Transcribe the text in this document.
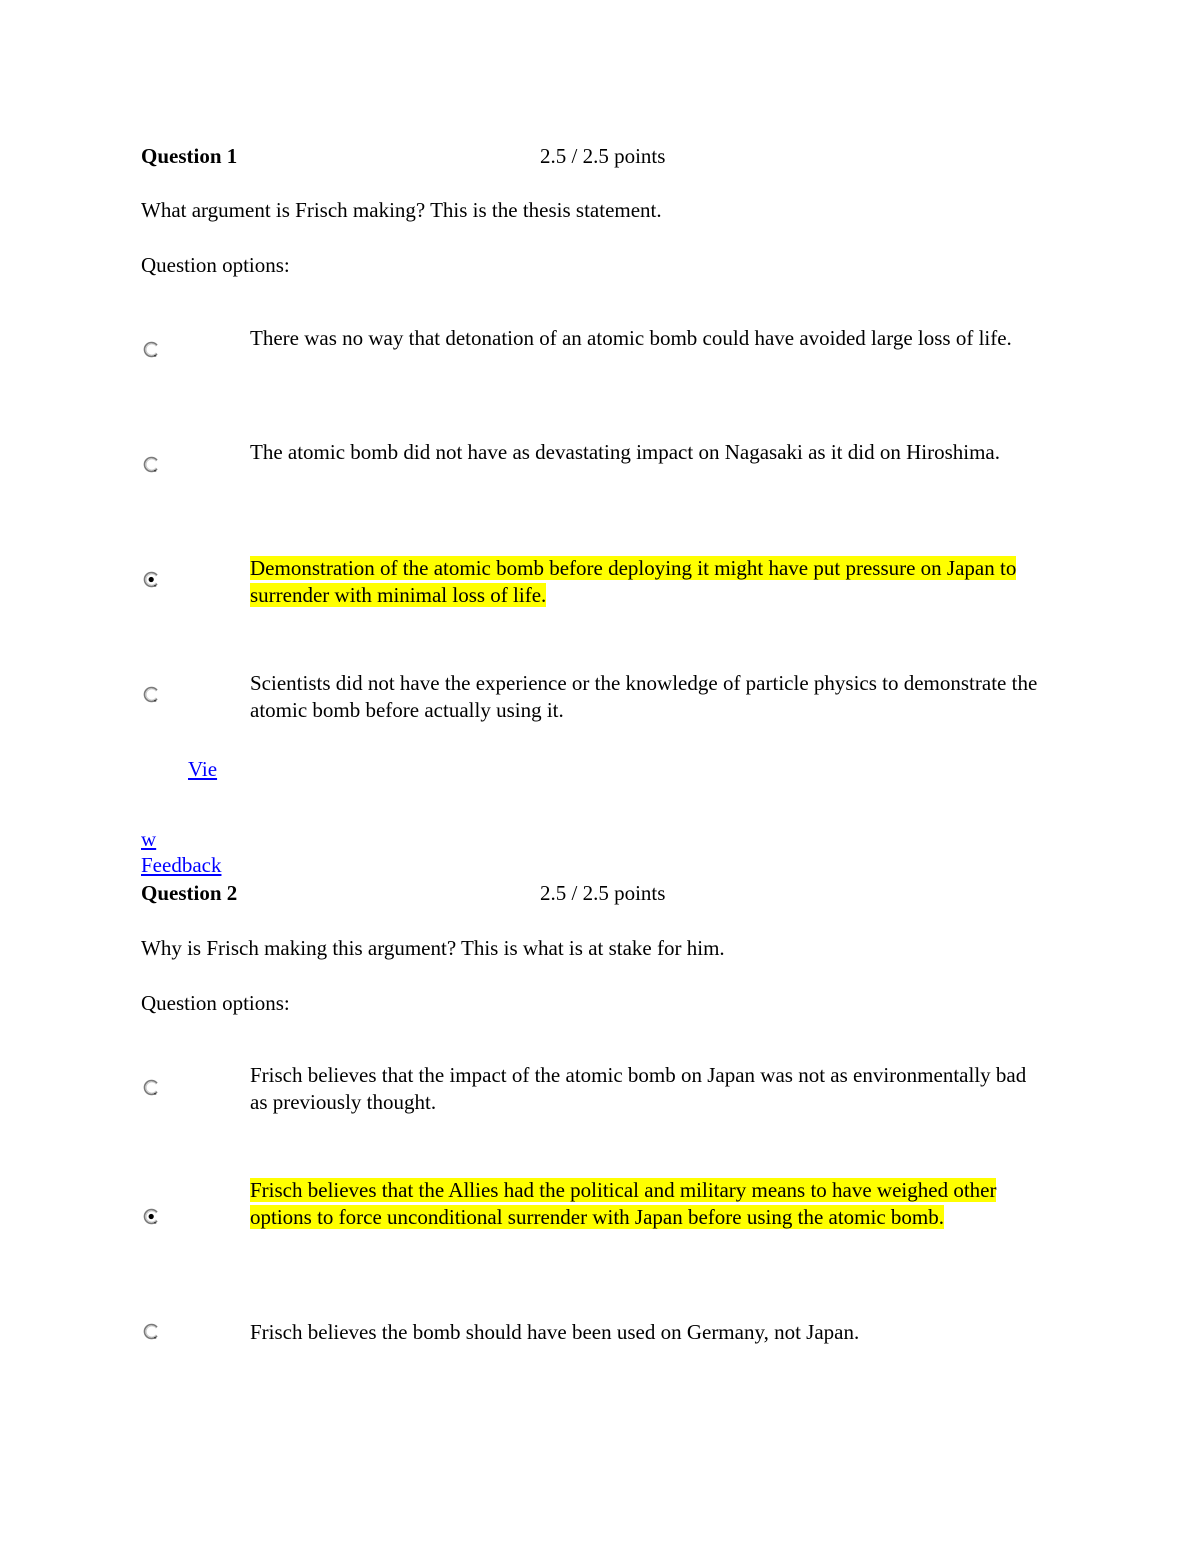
Question 1	2.5 / 2.5 points
What argument is Frisch making? This is the thesis statement.
Question options:
There was no way that detonation of an atomic bomb could have avoided large loss of life.
The atomic bomb did not have as devastating impact on Nagasaki as it did on Hiroshima.
Demonstration of the atomic bomb before deploying it might have put pressure on Japan to surrender with minimal loss of life.
Scientists did not have the experience or the knowledge of particle physics to demonstrate the atomic bomb before actually using it.
Vie
w
Feedback
Question 2	2.5 / 2.5 points
Why is Frisch making this argument? This is what is at stake for him.
Question options:
Frisch believes that the impact of the atomic bomb on Japan was not as environmentally bad as previously thought.
Frisch believes that the Allies had the political and military means to have weighed other options to force unconditional surrender with Japan before using the atomic bomb.
Frisch believes the bomb should have been used on Germany, not Japan.
